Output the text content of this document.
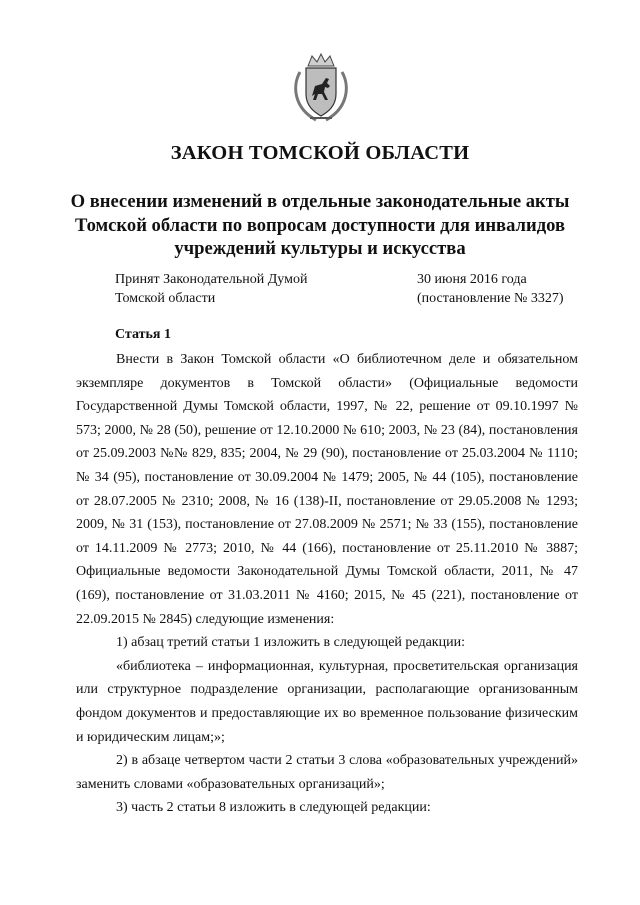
ЗАКОН ТОМСКОЙ ОБЛАСТИ
О внесении изменений в отдельные законодательные акты Томской области по вопросам доступности для инвалидов учреждений культуры и искусства
Принят Законодательной Думой
Томской области
30 июня 2016 года
(постановление № 3327)
Статья 1

Внести в Закон Томской области «О библиотечном деле и обязательном экземпляре документов в Томской области» (Официальные ведомости Государственной Думы Томской области, 1997, № 22, решение от 09.10.1997 № 573; 2000, № 28 (50), решение от 12.10.2000 № 610; 2003, № 23 (84), постановления от 25.09.2003 №№ 829, 835; 2004, № 29 (90), постановление от 25.03.2004 № 1110; № 34 (95), постановление от 30.09.2004 № 1479; 2005, № 44 (105), постановление от 28.07.2005 № 2310; 2008, № 16 (138)-II, постановление от 29.05.2008 № 1293; 2009, № 31 (153), постановление от 27.08.2009 № 2571; № 33 (155), постановление от 14.11.2009 № 2773; 2010, № 44 (166), постановление от 25.11.2010 № 3887; Официальные ведомости Законодательной Думы Томской области, 2011, № 47 (169), постановление от 31.03.2011 № 4160; 2015, № 45 (221), постановление от 22.09.2015 № 2845) следующие изменения:

1) абзац третий статьи 1 изложить в следующей редакции:

«библиотека – информационная, культурная, просветительская организация или структурное подразделение организации, располагающие организованным фондом документов и предоставляющие их во временное пользование физическим и юридическим лицам;»;

2) в абзаце четвертом части 2 статьи 3 слова «образовательных учреждений» заменить словами «образовательных организаций»;

3) часть 2 статьи 8 изложить в следующей редакции:
